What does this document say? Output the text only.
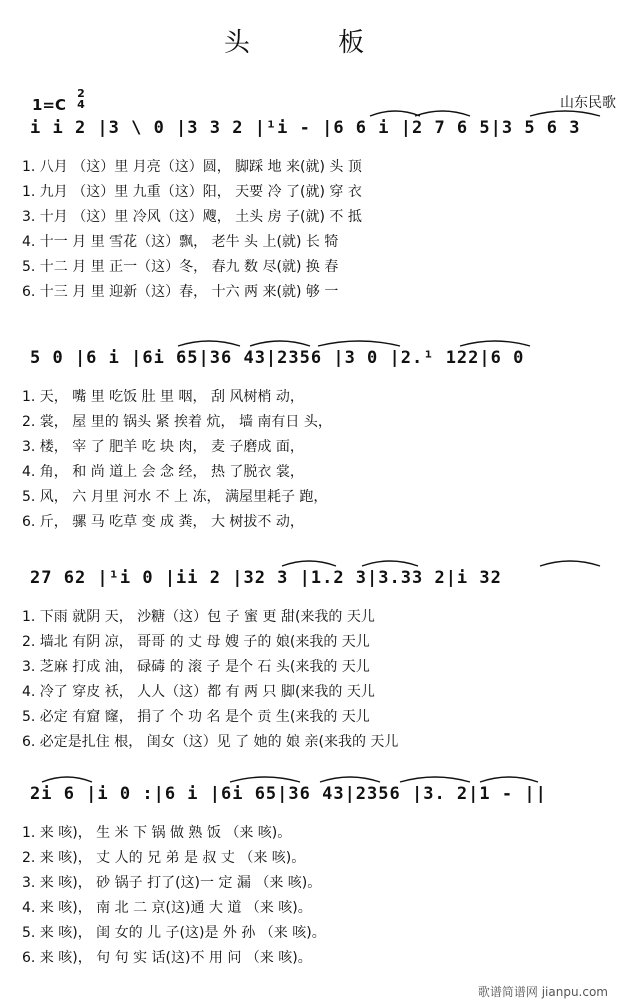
头 板
1=C
2
4	山东民歌
i i 2 |3 \ 0 |3 3 2 |¹i - |6 6 i |2 7 6 5|3 5 6 3
1. 八月 （这）里 月亮（这）圆， 脚踩 地 来(就) 头 顶
1. 九月 （这）里 九重（这）阳， 天要 冷 了(就) 穿 衣
3. 十月 （这）里 冷风（这）飕， 土头 房 子(就) 不 抵
4. 十一 月 里 雪花（这）飘， 老牛 头 上(就) 长 犄
5. 十二 月 里 正一（这）冬， 春九 数 尽(就) 换 春
6. 十三 月 里 迎新（这）春， 十六 两 来(就) 够 一
5 0 |6 i |6i 65|36 43|2356 |3 0 |2.¹ 122|6 0
1. 天， 嘴 里 吃饭 肚 里 咽， 刮 风树梢 动，
2. 裳， 屋 里的 锅头 紧 挨着 炕， 墙 南有日 头，
3. 楼， 宰 了 肥羊 吃 块 肉， 麦 子磨成 面，
4. 角， 和 尚 道上 会 念 经， 热 了脱衣 裳，
5. 风， 六 月里 河水 不 上 冻， 满屋里耗子 跑，
6. 斤， 骡 马 吃草 变 成 粪， 大 树拔不 动，
27 62 |¹i 0 |ii 2 |32 3 |1.2 3|3.33 2|i 32
1. 下雨 就阴 天， 沙糖（这）包 子 蜜 更 甜(来我的 天儿
2. 墙北 有阴 凉， 哥哥 的 丈 母 嫂 子的 娘(来我的 天儿
3. 芝麻 打成 油， 碌碡 的 滚 子 是个 石 头(来我的 天儿
4. 冷了 穿皮 袄， 人人（这）都 有 两 只 脚(来我的 天儿
5. 必定 有窟 窿， 捐了 个 功 名 是个 贡 生(来我的 天儿
6. 必定是扎住 根， 闺女（这）见 了 她的 娘 亲(来我的 天儿
2i 6 |i 0 :|6 i |6i 65|36 43|2356 |3. 2|1 - ||
1. 来 咳)， 生 米 下 锅 做 熟 饭 （来 咳)。
2. 来 咳)， 丈 人的 兄 弟 是 叔 丈 （来 咳)。
3. 来 咳)， 砂 锅子 打了(这)一 定 漏 （来 咳)。
4. 来 咳)， 南 北 二 京(这)通 大 道 （来 咳)。
5. 来 咳)， 闺 女的 儿 子(这)是 外 孙 （来 咳)。
6. 来 咳)， 句 句 实 话(这)不 用 问 （来 咳)。
歌谱简谱网 jianpu.com
